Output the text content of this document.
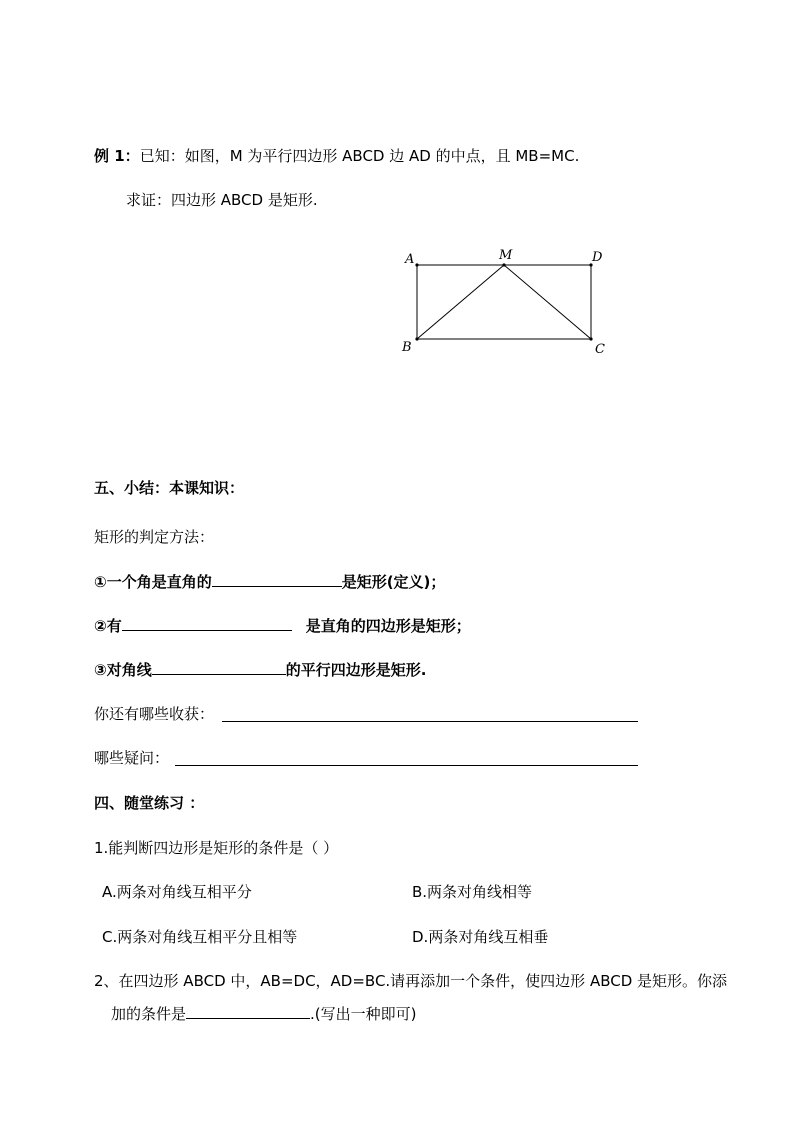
例 1：已知：如图，M 为平行四边形 ABCD 边 AD 的中点，且 MB=MC.
求证：四边形 ABCD 是矩形.
A	M	D
B	C
五、小结：本课知识：
矩形的判定方法：
①一个角是直角的	是矩形(定义)；
②有	是直角的四边形是矩形；
③对角线	的平行四边形是矩形.
你还有哪些收获：
哪些疑问：
四、随堂练习 ：
1.能判断四边形是矩形的条件是（ ）
A.两条对角线互相平分	B.两条对角线相等
C.两条对角线互相平分且相等	D.两条对角线互相垂
2、在四边形 ABCD 中，AB=DC，AD=BC.请再添加一个条件，使四边形 ABCD 是矩形。你添
加的条件是	.(写出一种即可)
